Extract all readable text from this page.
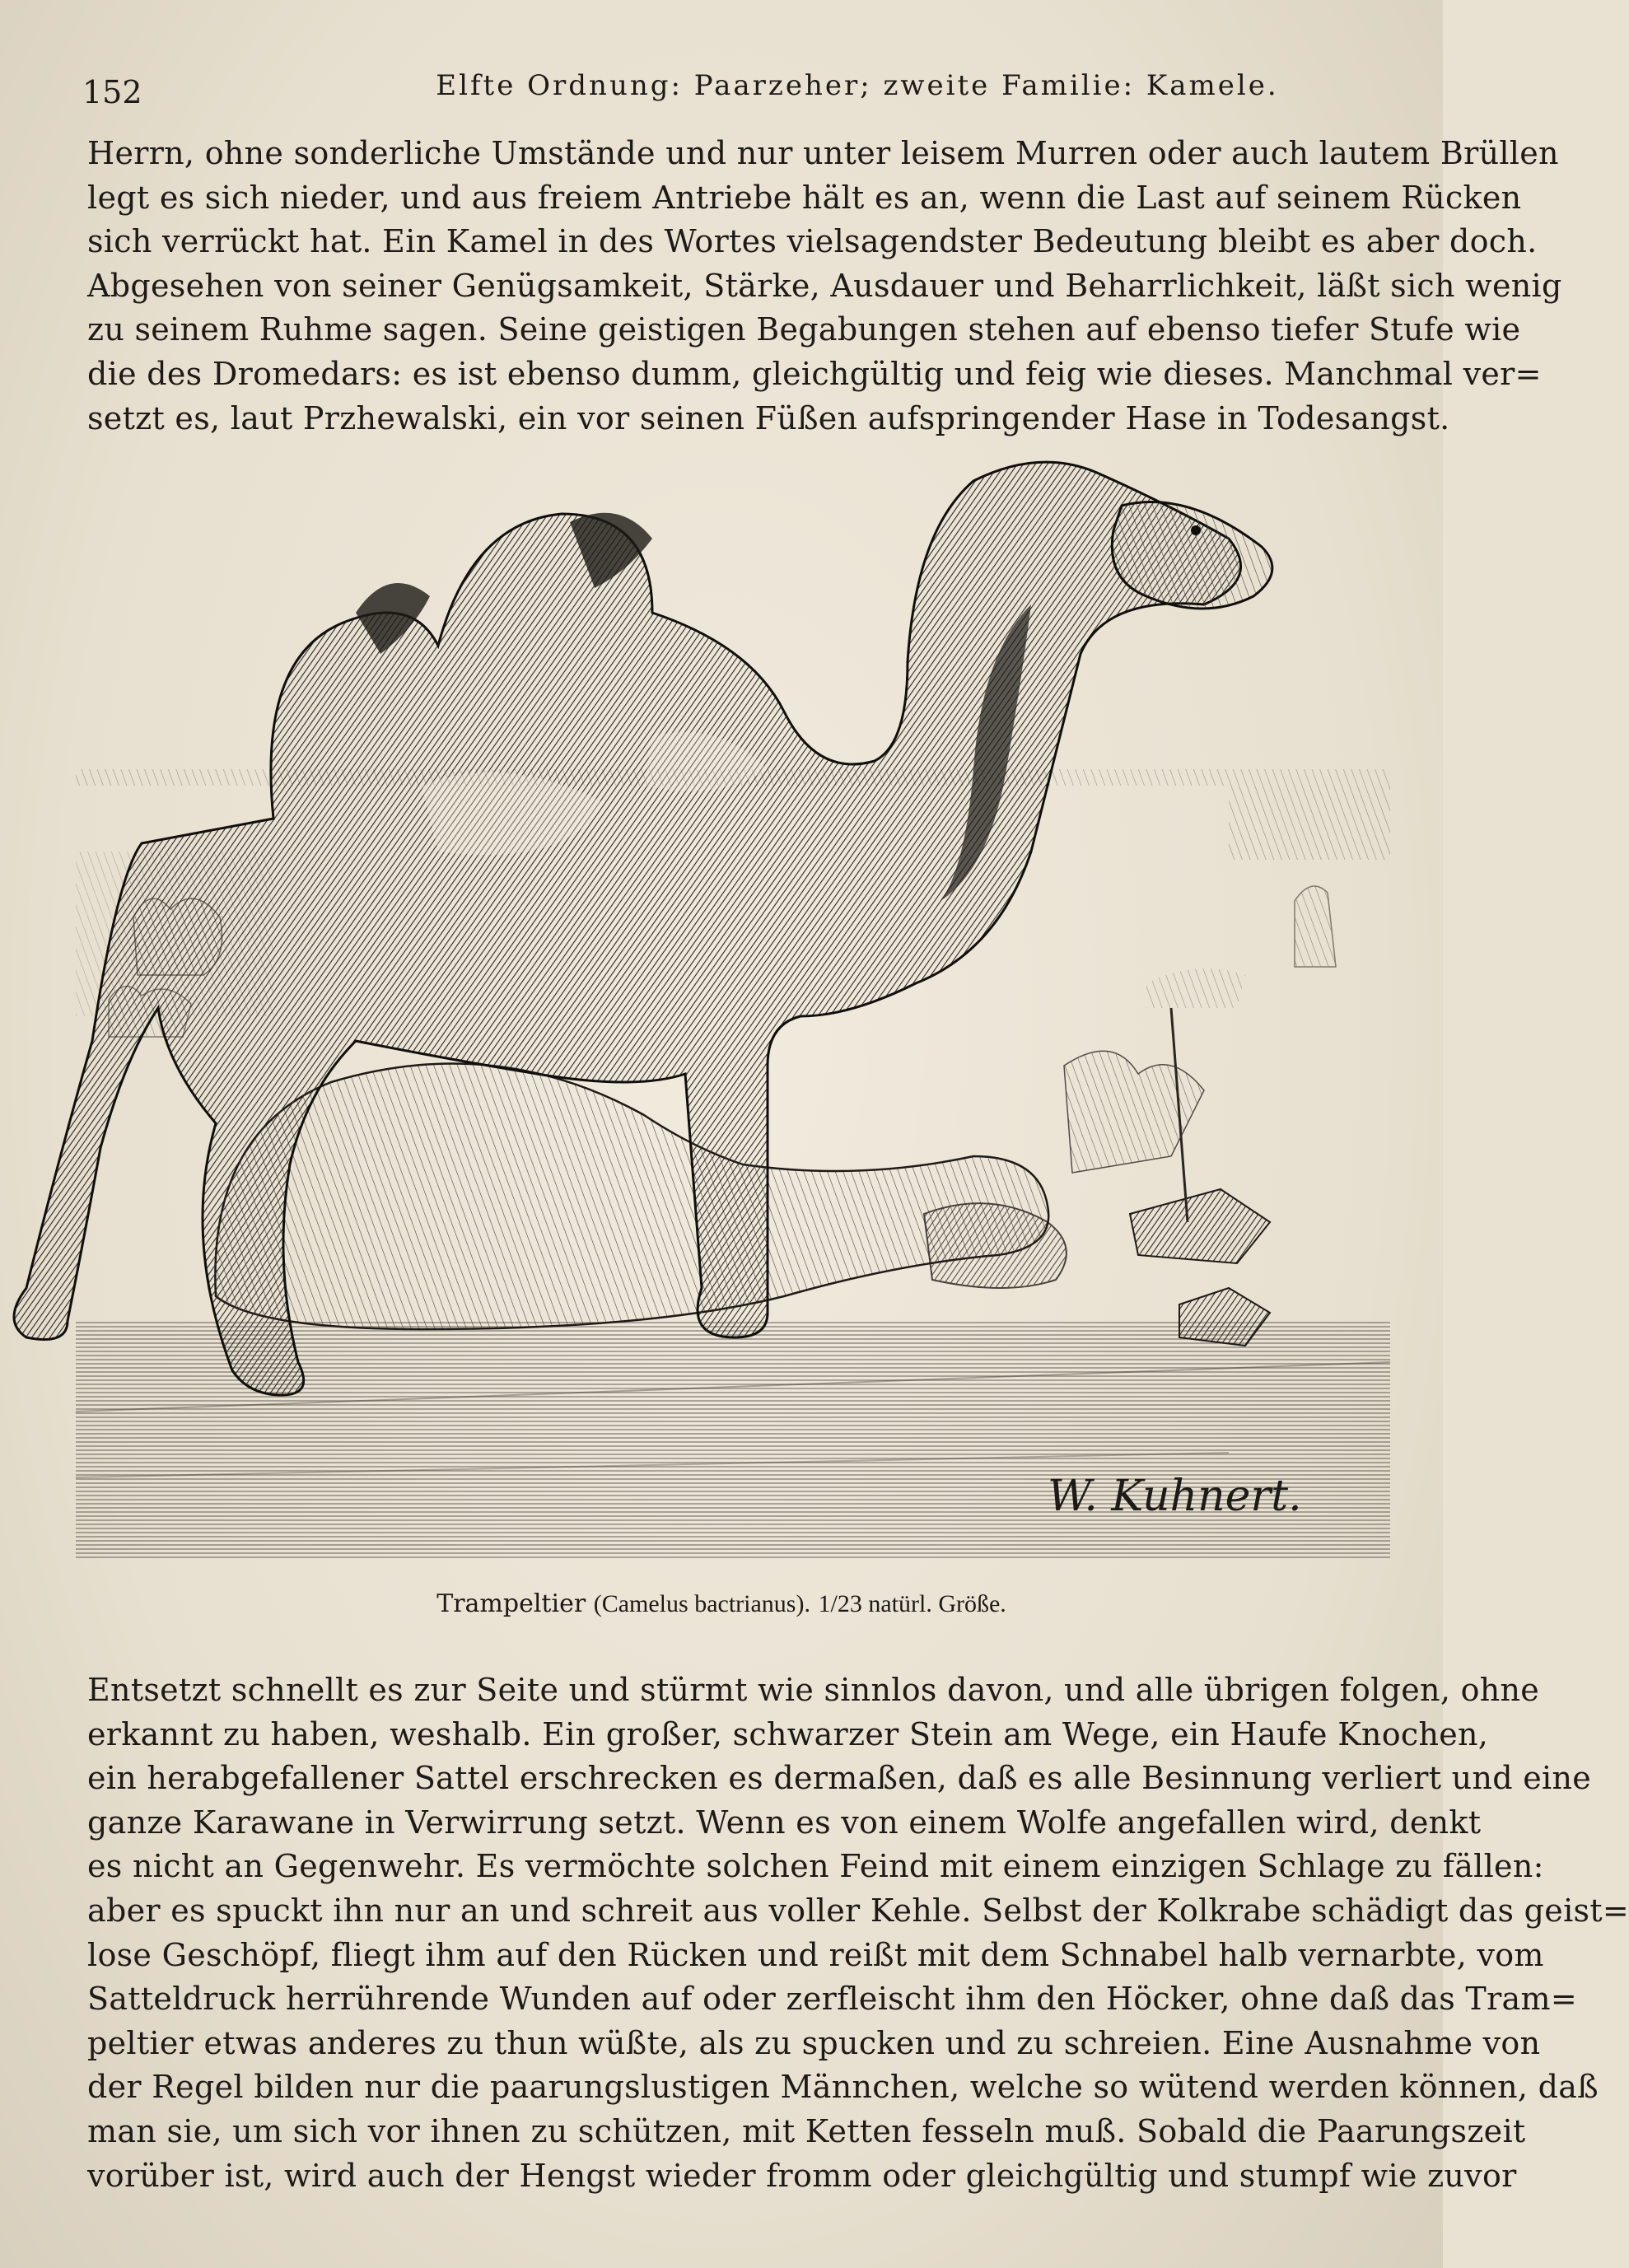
152	Elfte Ordnung: Paarzeher; zweite Familie: Kamele.
Herrn, ohne sonderliche Umstände und nur unter leisem Murren oder auch lautem Brüllen
legt es sich nieder, und aus freiem Antriebe hält es an, wenn die Last auf seinem Rücken
sich verrückt hat. Ein Kamel in des Wortes vielsagendster Bedeutung bleibt es aber doch.
Abgesehen von seiner Genügsamkeit, Stärke, Ausdauer und Beharrlichkeit, läßt sich wenig
zu seinem Ruhme sagen. Seine geistigen Begabungen stehen auf ebenso tiefer Stufe wie
die des Dromedars: es ist ebenso dumm, gleichgültig und feig wie dieses. Manchmal ver=
setzt es, laut Przhewalski, ein vor seinen Füßen aufspringender Hase in Todesangst.
W. Kuhnert.
Trampeltier (Camelus bactrianus). 1/23 natürl. Größe.
Entsetzt schnellt es zur Seite und stürmt wie sinnlos davon, und alle übrigen folgen, ohne
erkannt zu haben, weshalb. Ein großer, schwarzer Stein am Wege, ein Haufe Knochen,
ein herabgefallener Sattel erschrecken es dermaßen, daß es alle Besinnung verliert und eine
ganze Karawane in Verwirrung setzt. Wenn es von einem Wolfe angefallen wird, denkt
es nicht an Gegenwehr. Es vermöchte solchen Feind mit einem einzigen Schlage zu fällen:
aber es spuckt ihn nur an und schreit aus voller Kehle. Selbst der Kolkrabe schädigt das geist=
lose Geschöpf, fliegt ihm auf den Rücken und reißt mit dem Schnabel halb vernarbte, vom
Satteldruck herrührende Wunden auf oder zerfleischt ihm den Höcker, ohne daß das Tram=
peltier etwas anderes zu thun wüßte, als zu spucken und zu schreien. Eine Ausnahme von
der Regel bilden nur die paarungslustigen Männchen, welche so wütend werden können, daß
man sie, um sich vor ihnen zu schützen, mit Ketten fesseln muß. Sobald die Paarungszeit
vorüber ist, wird auch der Hengst wieder fromm oder gleichgültig und stumpf wie zuvor
